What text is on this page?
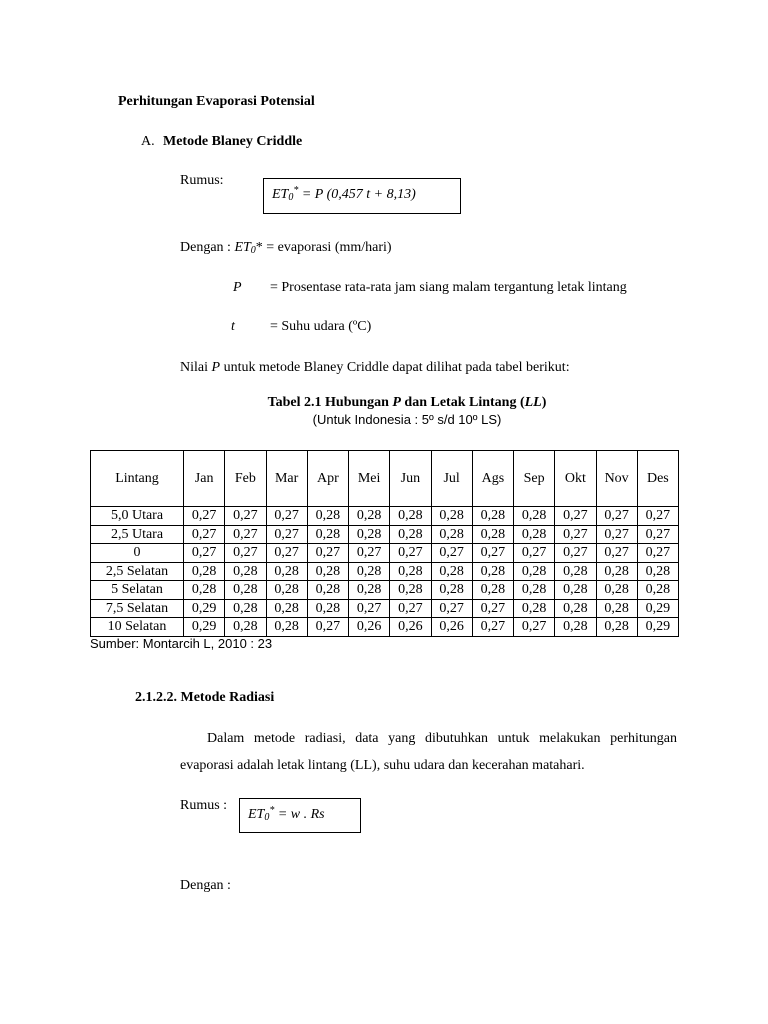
Perhitungan Evaporasi Potensial
A. Metode Blaney Criddle
Rumus:
$ET_0^* = P$ (0,457 t + 8,13)
Dengan : $ET_0*$ = evaporasi (mm/hari)
P = Prosentase rata-rata jam siang malam tergantung letak lintang
t	= Suhu udara (ºC)
Nilai P untuk metode Blaney Criddle dapat dilihat pada tabel berikut:
Tabel 2.1 Hubungan P dan Letak Lintang (LL)
(Untuk Indonesia : 5º s/d 10º LS)
Lintang	Jan	Feb	Mar	Apr	Mei	Jun	Jul	Ags	Sep	Okt	Nov	Des
5,0 Utara	0,27	0,27	0,27	0,28	0,28	0,28	0,28	0,28	0,28	0,27	0,27	0,27
2,5 Utara	0,27	0,27	0,27	0,28	0,28	0,28	0,28	0,28	0,28	0,27	0,27	0,27
0	0,27	0,27	0,27	0,27	0,27	0,27	0,27	0,27	0,27	0,27	0,27	0,27
2,5 Selatan	0,28	0,28	0,28	0,28	0,28	0,28	0,28	0,28	0,28	0,28	0,28	0,28
5 Selatan	0,28	0,28	0,28	0,28	0,28	0,28	0,28	0,28	0,28	0,28	0,28	0,28
7,5 Selatan	0,29	0,28	0,28	0,28	0,27	0,27	0,27	0,27	0,28	0,28	0,28	0,29
10 Selatan	0,29	0,28	0,28	0,27	0,26	0,26	0,26	0,27	0,27	0,28	0,28	0,29
Sumber: Montarcih L, 2010 : 23
2.1.2.2. Metode Radiasi
Dalam metode radiasi, data yang dibutuhkan untuk melakukan perhitungan
evaporasi adalah letak lintang (LL), suhu udara dan kecerahan matahari.
Rumus :
$ET_0^* = w$ . Rs
Dengan :
